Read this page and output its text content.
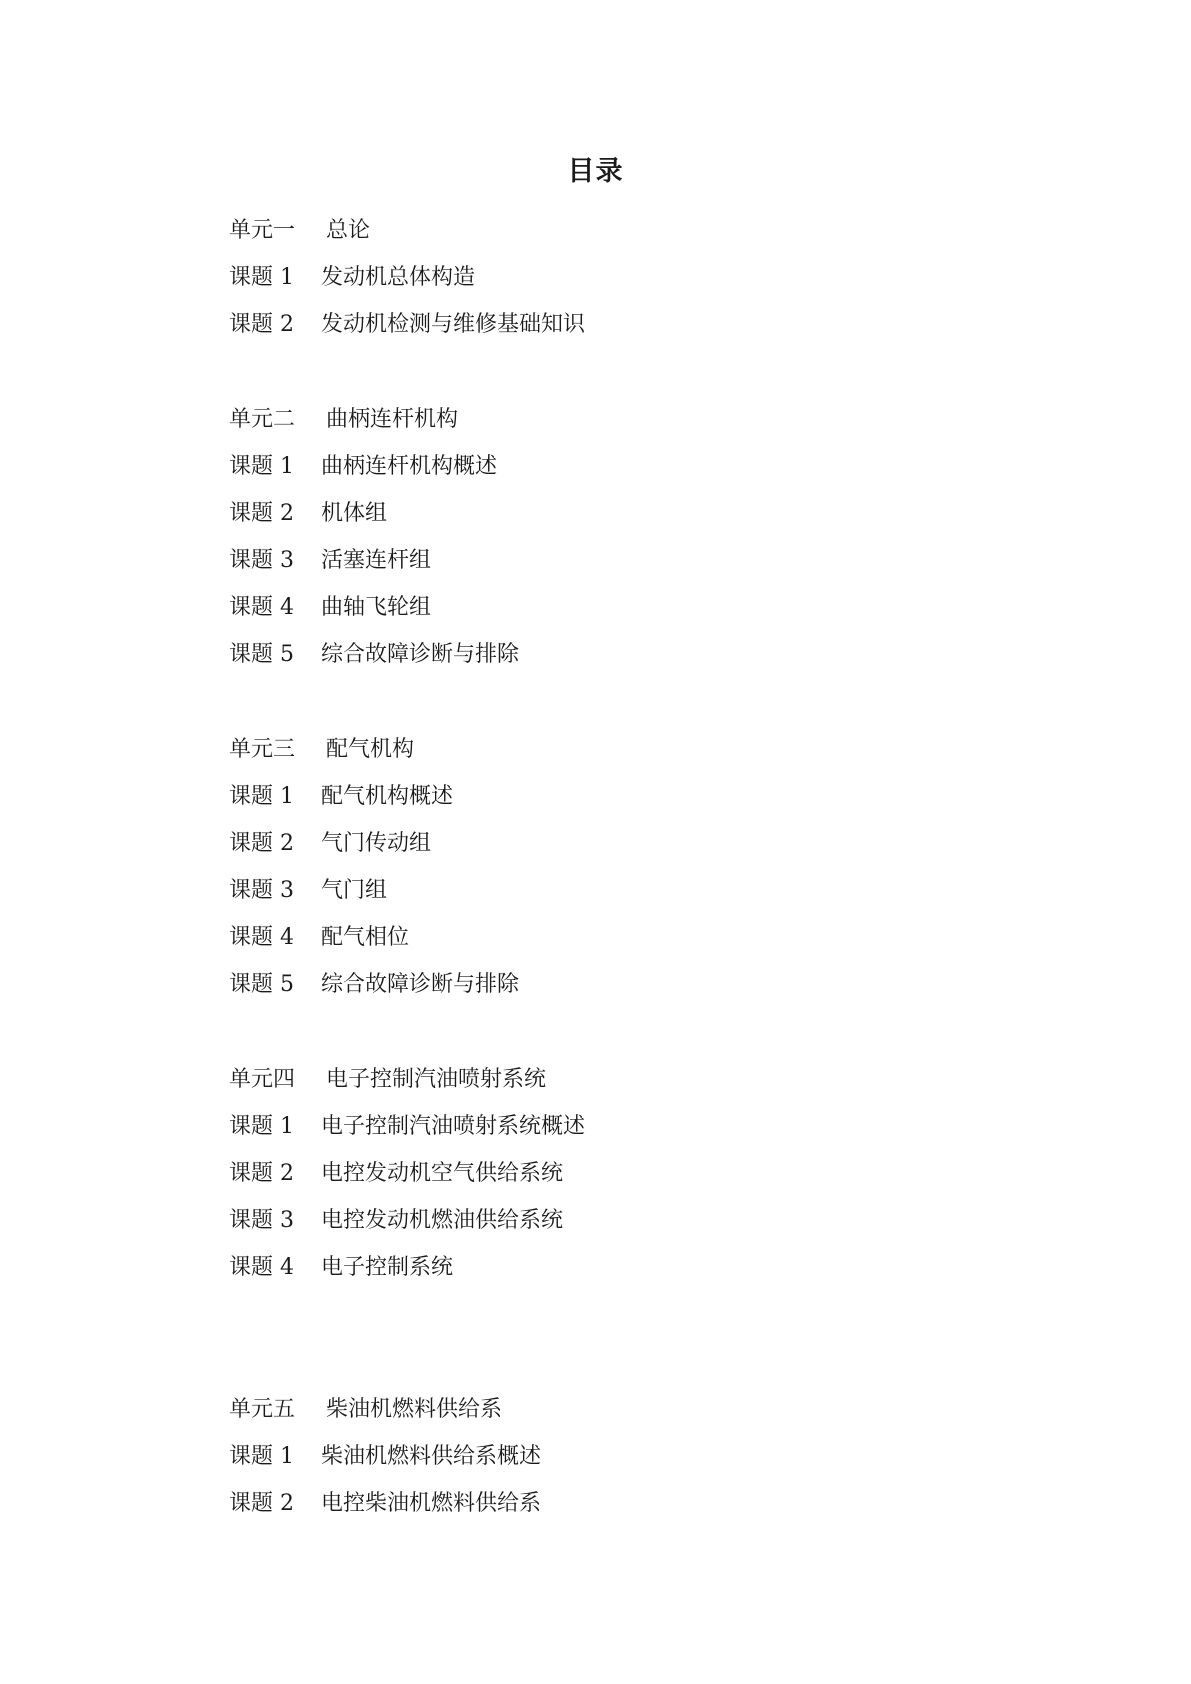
目录
单元一 总论
课题 1 发动机总体构造
课题 2 发动机检测与维修基础知识
单元二 曲柄连杆机构
课题 1 曲柄连杆机构概述
课题 2 机体组
课题 3 活塞连杆组
课题 4 曲轴飞轮组
课题 5 综合故障诊断与排除
单元三 配气机构
课题 1 配气机构概述
课题 2 气门传动组
课题 3 气门组
课题 4 配气相位
课题 5 综合故障诊断与排除
单元四 电子控制汽油喷射系统
课题 1 电子控制汽油喷射系统概述
课题 2 电控发动机空气供给系统
课题 3 电控发动机燃油供给系统
课题 4 电子控制系统
单元五 柴油机燃料供给系
课题 1 柴油机燃料供给系概述
课题 2 电控柴油机燃料供给系
